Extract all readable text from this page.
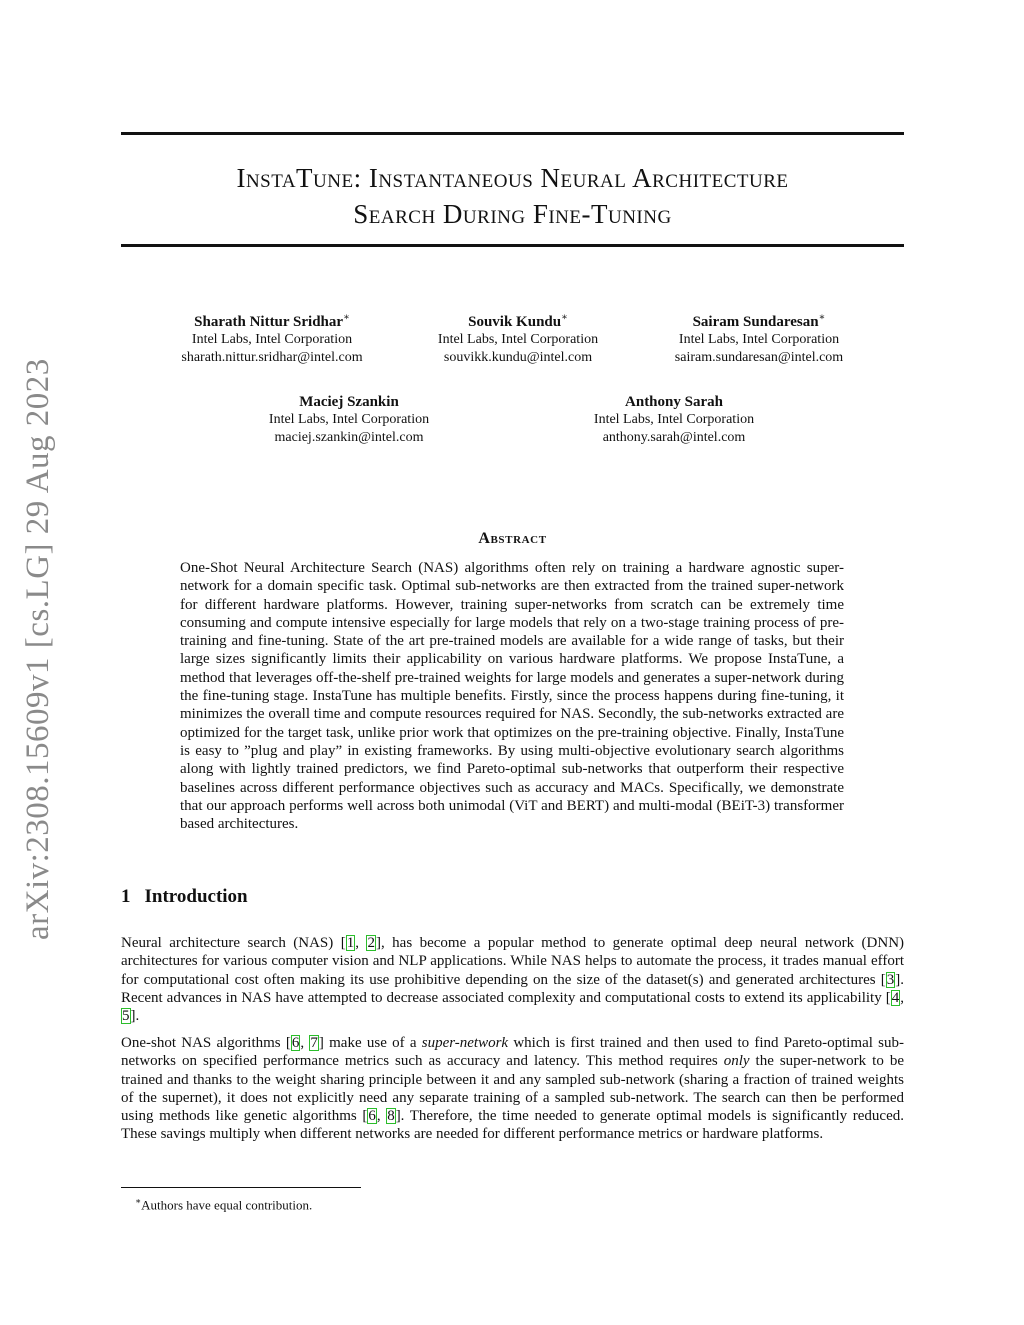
arXiv:2308.15609v1 [cs.LG] 29 Aug 2023
InstaTune: Instantaneous Neural Architecture
Search During Fine-Tuning
Sharath Nittur Sridhar∗
Intel Labs, Intel Corporation
sharath.nittur.sridhar@intel.com
Souvik Kundu∗
Intel Labs, Intel Corporation
souvikk.kundu@intel.com
Sairam Sundaresan∗
Intel Labs, Intel Corporation
sairam.sundaresan@intel.com
Maciej Szankin
Intel Labs, Intel Corporation
maciej.szankin@intel.com
Anthony Sarah
Intel Labs, Intel Corporation
anthony.sarah@intel.com
Abstract

One-Shot Neural Architecture Search (NAS) algorithms often rely on training a hardware agnostic super-network for a domain specific task. Optimal sub-networks are then extracted from the trained super-network for different hardware platforms. However, training super-networks from scratch can be extremely time consuming and compute intensive especially for large models that rely on a two-stage training process of pre-training and fine-tuning. State of the art pre-trained models are available for a wide range of tasks, but their large sizes significantly limits their applicability on various hardware platforms. We propose InstaTune, a method that leverages off-the-shelf pre-trained weights for large models and generates a super-network during the fine-tuning stage. InstaTune has multiple benefits. Firstly, since the process happens during fine-tuning, it minimizes the overall time and compute resources required for NAS. Secondly, the sub-networks extracted are optimized for the target task, unlike prior work that optimizes on the pre-training objective. Finally, InstaTune is easy to ”plug and play” in existing frameworks. By using multi-objective evolutionary search algorithms along with lightly trained predictors, we find Pareto-optimal sub-networks that outperform their respective baselines across different performance objectives such as accuracy and MACs. Specifically, we demonstrate that our approach performs well across both unimodal (ViT and BERT) and multi-modal (BEiT-3) transformer based architectures.

1 Introduction

Neural architecture search (NAS) [1, 2], has become a popular method to generate optimal deep neural network (DNN) architectures for various computer vision and NLP applications. While NAS helps to automate the process, it trades manual effort for computational cost often making its use prohibitive depending on the size of the dataset(s) and generated architectures [3]. Recent advances in NAS have attempted to decrease associated complexity and computational costs to extend its applicability [4, 5].

One-shot NAS algorithms [6, 7] make use of a super-network which is first trained and then used to find Pareto-optimal sub-networks on specified performance metrics such as accuracy and latency. This method requires only the super-network to be trained and thanks to the weight sharing principle between it and any sampled sub-network (sharing a fraction of trained weights of the supernet), it does not explicitly need any separate training of a sampled sub-network. The search can then be performed using methods like genetic algorithms [6, 8]. Therefore, the time needed to generate optimal models is significantly reduced. These savings multiply when different networks are needed for different performance metrics or hardware platforms.

∗Authors have equal contribution.
